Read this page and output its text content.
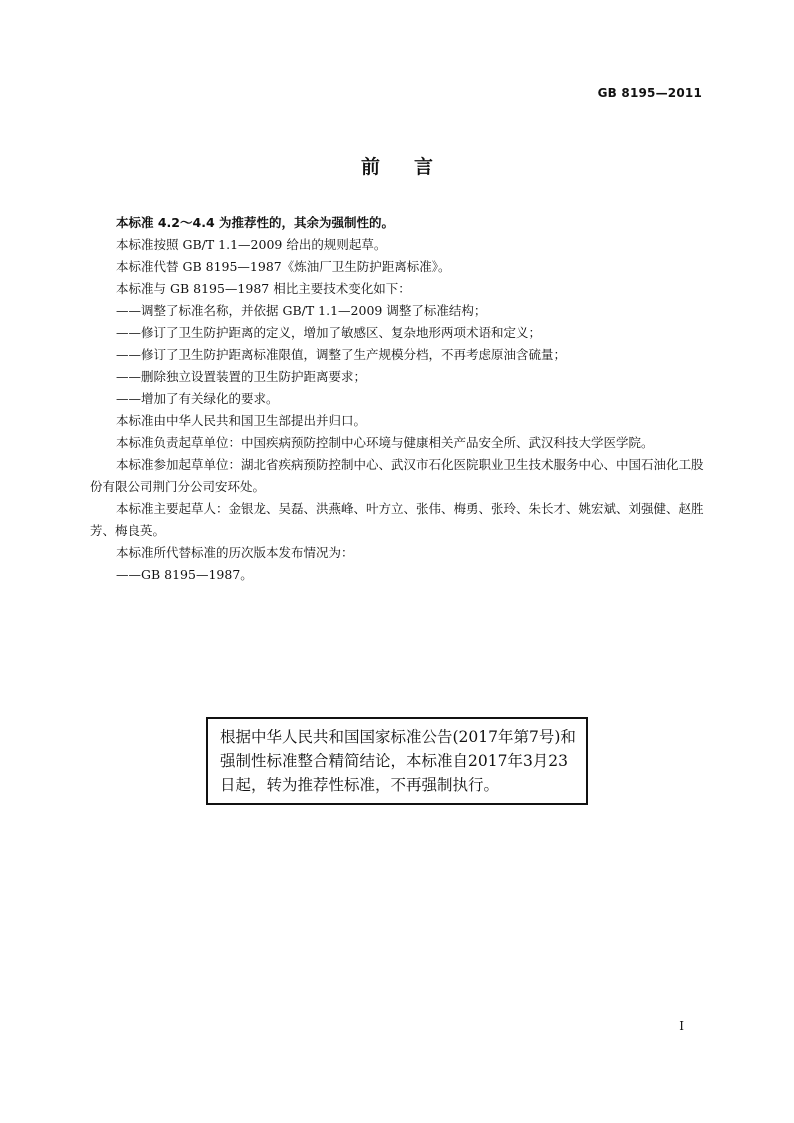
GB 8195—2011
前言

本标准 4.2～4.4 为推荐性的，其余为强制性的。

本标准按照 GB/T 1.1—2009 给出的规则起草。

本标准代替 GB 8195—1987《炼油厂卫生防护距离标准》。

本标准与 GB 8195—1987 相比主要技术变化如下：

——调整了标准名称，并依据 GB/T 1.1—2009 调整了标准结构；

——修订了卫生防护距离的定义，增加了敏感区、复杂地形两项术语和定义；

——修订了卫生防护距离标准限值，调整了生产规模分档，不再考虑原油含硫量；

——删除独立设置装置的卫生防护距离要求；

——增加了有关绿化的要求。

本标准由中华人民共和国卫生部提出并归口。

本标准负责起草单位：中国疾病预防控制中心环境与健康相关产品安全所、武汉科技大学医学院。

本标准参加起草单位：湖北省疾病预防控制中心、武汉市石化医院职业卫生技术服务中心、中国石油化工股份有限公司荆门分公司安环处。

本标准主要起草人：金银龙、吴磊、洪燕峰、叶方立、张伟、梅勇、张玲、朱长才、姚宏斌、刘强健、赵胜芳、梅良英。

本标准所代替标准的历次版本发布情况为：

——GB 8195—1987。

根据中华人民共和国国家标准公告(2017年第7号)和强制性标准整合精简结论，本标准自2017年3月23日起，转为推荐性标准，不再强制执行。
I
